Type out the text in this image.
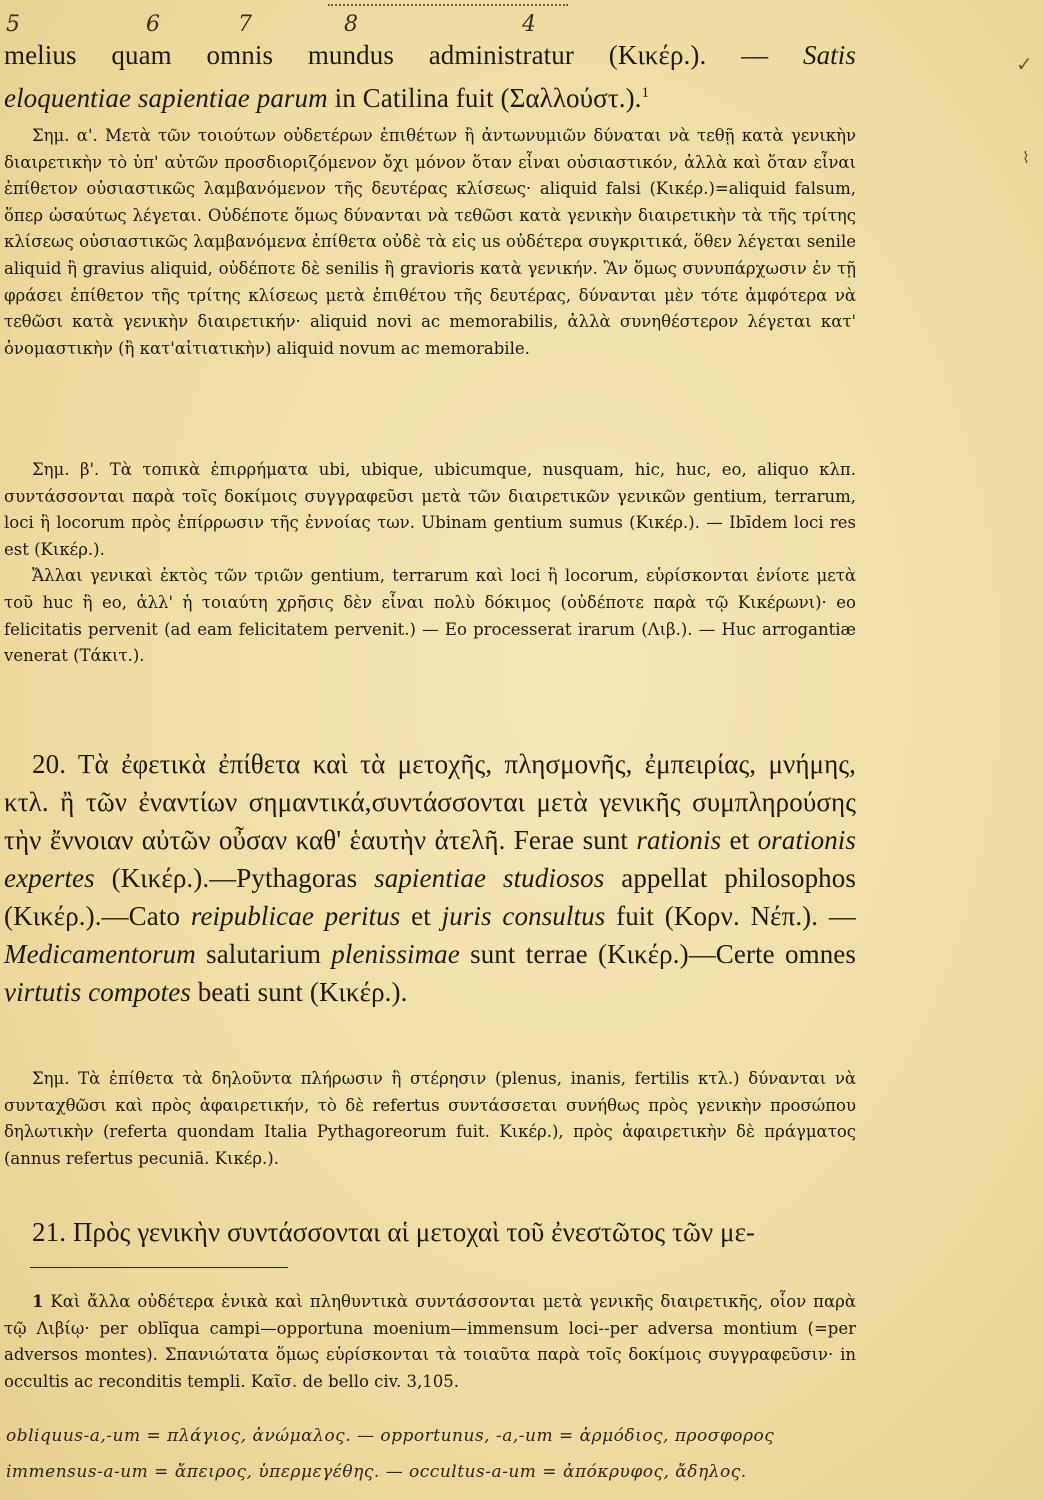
5	6	7	8	4
✓
⌇

melius quam omnis mundus administratur (Κικέρ.). — Satis

eloquentiae sapientiae parum in Catilina fuit (Σαλλούστ.).$^1$

Σημ. α'. Μετὰ τῶν τοιούτων οὐδετέρων ἐπιθέτων ἢ ἀντωνυμιῶν δύναται νὰ τεθῇ κατὰ γενικὴν διαιρετικὴν τὸ ὑπ' αὐτῶν προσδιοριζόμενον ὄχι μόνον ὅταν εἶναι οὐσιαστικόν, ἀλλὰ καὶ ὅταν εἶναι ἐπίθετον οὐσιαστικῶς λαμβανόμενον τῆς δευτέρας κλίσεως· aliquid falsi (Κικέρ.)=aliquid falsum, ὅπερ ὡσαύτως λέγεται. Οὐδέποτε ὅμως δύνανται νὰ τεθῶσι κατὰ γενικὴν διαιρετικὴν τὰ τῆς τρίτης κλίσεως οὐσιαστικῶς λαμβανόμενα ἐπίθετα οὐδὲ τὰ εἰς us οὐδέτερα συγκριτικά, ὅθεν λέγεται senile aliquid ἢ gravius aliquid, οὐδέποτε δὲ senilis ἢ gravioris κατὰ γενικήν. Ἂν ὅμως συνυπάρχωσιν ἐν τῇ φράσει ἐπίθετον τῆς τρίτης κλίσεως μετὰ ἐπιθέτου τῆς δευτέρας, δύνανται μὲν τότε ἀμφότερα νὰ τεθῶσι κατὰ γενικὴν διαιρετικήν· aliquid novi ac memorabilis, ἀλλὰ συνηθέστερον λέγεται κατ' ὀνομαστικὴν (ἢ κατ'αἰτιατικὴν) aliquid novum ac memorabile.

Σημ. β'. Τὰ τοπικὰ ἐπιρρήματα ubi, ubique, ubicumque, nusquam, hic, huc, eo, aliquo κλπ. συντάσσονται παρὰ τοῖς δοκίμοις συγγραφεῦσι μετὰ τῶν διαιρετικῶν γενικῶν gentium, terrarum, loci ἢ locorum πρὸς ἐπίρρωσιν τῆς ἐννοίας των. Ubinam gentium sumus (Κικέρ.). — Ibīdem loci res est (Κικέρ.).

Ἄλλαι γενικαὶ ἐκτὸς τῶν τριῶν gentium, terrarum καὶ loci ἢ locorum, εὑρίσκονται ἐνίοτε μετὰ τοῦ huc ἢ eo, ἀλλ' ἡ τοιαύτη χρῆσις δὲν εἶναι πολὺ δόκιμος (οὐδέποτε παρὰ τῷ Κικέρωνι)· eo felicitatis pervenit (ad eam felicitatem pervenit.) — Eo processerat irarum (Λιβ.). — Huc arrogantiæ venerat (Τάκιτ.).

20. Τὰ ἐφετικὰ ἐπίθετα καὶ τὰ μετοχῆς, πλησμονῆς, ἐμπειρίας, μνήμης, κτλ. ἢ τῶν ἐναντίων σημαντικά,συντάσσονται μετὰ γενικῆς συμπληρούσης τὴν ἔννοιαν αὐτῶν οὖσαν καθ' ἑαυτὴν ἀτελῆ. Ferae sunt rationis et orationis expertes (Κικέρ.).—Pythagoras sapientiae studiosos appellat philosophos (Κικέρ.).—Cato reipublicae peritus et juris consultus fuit (Κορν. Νέπ.). — Medicamentorum salutarium plenissimae sunt terrae (Κικέρ.)—Certe omnes virtutis compotes beati sunt (Κικέρ.).

Σημ. Τὰ ἐπίθετα τὰ δηλοῦντα πλήρωσιν ἢ στέρησιν (plenus, inanis, fertilis κτλ.) δύνανται νὰ συνταχθῶσι καὶ πρὸς ἀφαιρετικήν, τὸ δὲ refertus συντάσσεται συνήθως πρὸς γενικὴν προσώπου δηλωτικὴν (referta quondam Italia Pythagoreorum fuit. Κικέρ.), πρὸς ἀφαιρετικὴν δὲ πράγματος (annus refertus pecuniā. Κικέρ.).

21. Πρὸς γενικὴν συντάσσονται αἱ μετοχαὶ τοῦ ἐνεστῶτος τῶν με-

1 Καὶ ἄλλα οὐδέτερα ἑνικὰ καὶ πληθυντικὰ συντάσσονται μετὰ γενικῆς διαιρετικῆς, οἷον παρὰ τῷ Λιβίῳ· per oblīqua campi—opportuna moenium—immensum loci--per adversa montium (=per adversos montes). Σπανιώτατα ὅμως εὑρίσκονται τὰ τοιαῦτα παρὰ τοῖς δοκίμοις συγγραφεῦσιν· in occultis ac reconditis templi. Καῖσ. de bello civ. 3,105.

obliquus-a,-um = πλάγιος, ἀνώμαλος. — opportunus, -a,-um = ἁρμόδιος, προσφορος
immensus-a-um = ἄπειρος, ὑπερμεγέθης. — occultus-a-um = ἀπόκρυφος, ἄδηλος.
